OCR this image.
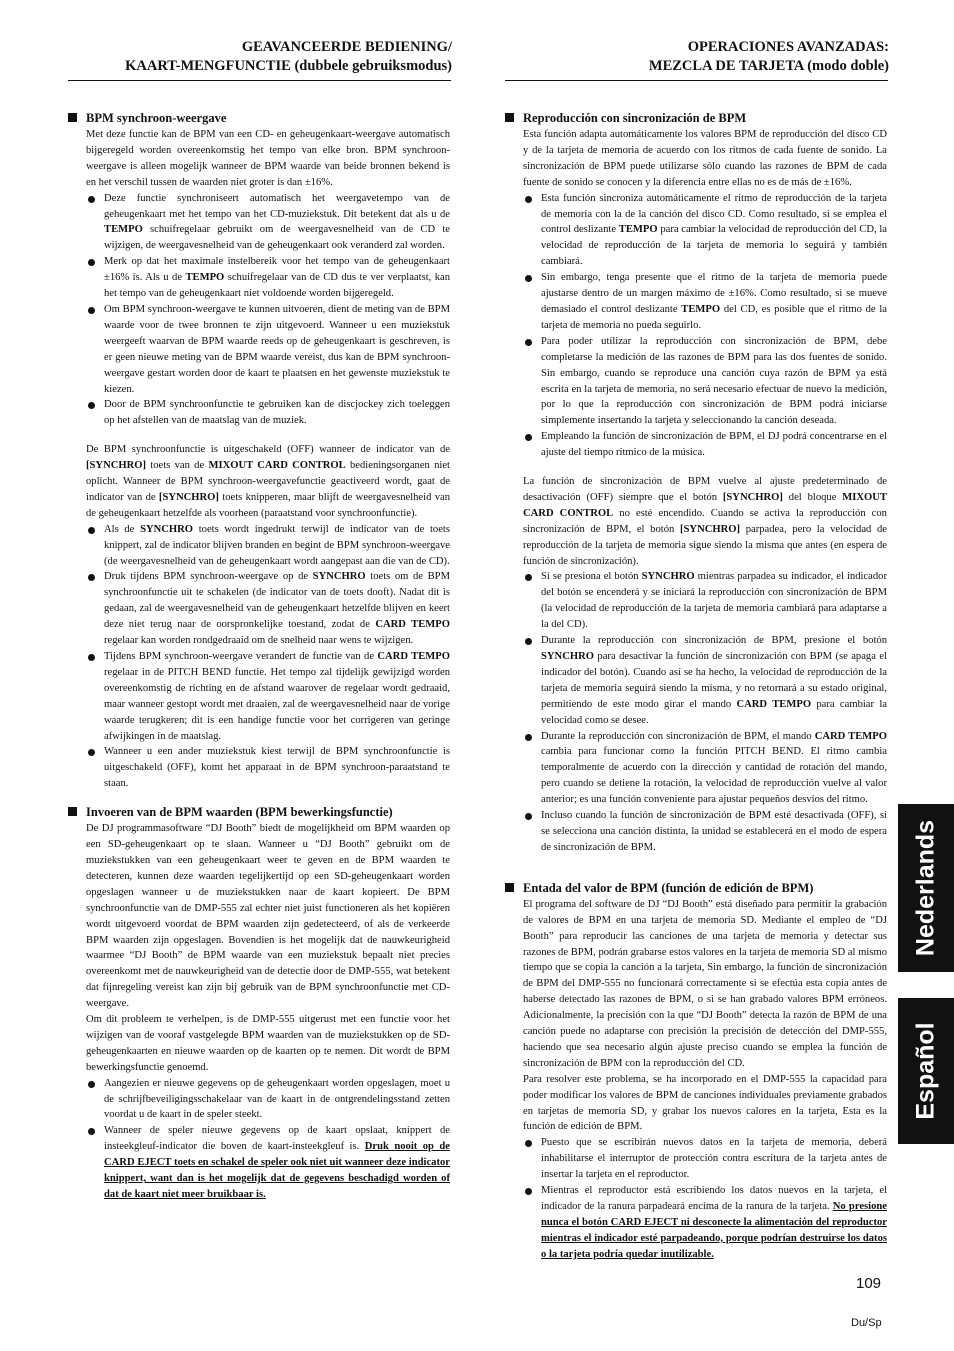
GEAVANCEERDE BEDIENING/
KAART-MENGFUNCTIE (dubbele gebruiksmodus)
OPERACIONES AVANZADAS:
MEZCLA DE TARJETA (modo doble)
BPM synchroon-weergave
Met deze functie kan de BPM van een CD- en geheugenkaart-weergave automatisch bijgeregeld worden overeenkomstig het tempo van elke bron. BPM synchroon-weergave is alleen mogelijk wanneer de BPM waarde van beide bronnen bekend is en het verschil tussen de waarden niet groter is dan ±16%.
Deze functie synchroniseert automatisch het weergavetempo van de geheugenkaart met het tempo van het CD-muziekstuk. Dit betekent dat als u de TEMPO schuifregelaar gebruikt om de weergavesnelheid van de CD te wijzigen, de weergavesnelheid van de geheugenkaart ook veranderd zal worden.
Merk op dat het maximale instelbereik voor het tempo van de geheugenkaart ±16% is. Als u de TEMPO schuifregelaar van de CD dus te ver verplaatst, kan het tempo van de geheugenkaart niet voldoende worden bijgeregeld.
Om BPM synchroon-weergave te kunnen uitvoeren, dient de meting van de BPM waarde voor de twee bronnen te zijn uitgevoerd. Wanneer u een muziekstuk weergeeft waarvan de BPM waarde reeds op de geheugenkaart is geschreven, is er geen nieuwe meting van de BPM waarde vereist, dus kan de BPM synchroon-weergave gestart worden door de kaart te plaatsen en het gewenste muziekstuk te kiezen.
Door de BPM synchroonfunctie te gebruiken kan de discjockey zich toeleggen op het afstellen van de maatslag van de muziek.
De BPM synchroonfunctie is uitgeschakeld (OFF) wanneer de indicator van de [SYNCHRO] toets van de MIXOUT CARD CONTROL bedieningsorganen niet oplicht. Wanneer de BPM synchroon-weergavefunctie geactiveerd wordt, gaat de indicator van de [SYNCHRO] toets knipperen, maar blijft de weergavesnelheid van de geheugenkaart hetzelfde als voorheen (paraatstand voor synchroonfunctie).
Als de SYNCHRO toets wordt ingedrukt terwijl de indicator van de toets knippert, zal de indicator blijven branden en begint de BPM synchroon-weergave (de weergavesnelheid van de geheugenkaart wordt aangepast aan die van de CD).
Druk tijdens BPM synchroon-weergave op de SYNCHRO toets om de BPM synchroonfunctie uit te schakelen (de indicator van de toets dooft). Nadat dit is gedaan, zal de weergavesnelheid van de geheugenkaart hetzelfde blijven en keert deze niet terug naar de oorspronkelijke toestand, zodat de CARD TEMPO regelaar kan worden rondgedraaid om de snelheid naar wens te wijzigen.
Tijdens BPM synchroon-weergave verandert de functie van de CARD TEMPO regelaar in de PITCH BEND functie. Het tempo zal tijdelijk gewijzigd worden overeenkomstig de richting en de afstand waarover de regelaar wordt gedraaid, maar wanneer gestopt wordt met draaien, zal de weergavesnelheid naar de vorige waarde terugkeren; dit is een handige functie voor het corrigeren van geringe afwijkingen in de maatslag.
Wanneer u een ander muziekstuk kiest terwijl de BPM synchroonfunctie is uitgeschakeld (OFF), komt het apparaat in de BPM synchroon-paraatstand te staan.
Invoeren van de BPM waarden (BPM bewerkingsfunctie)
De DJ programmasoftware “DJ Booth” biedt de mogelijkheid om BPM waarden op een SD-geheugenkaart op te slaan. Wanneer u “DJ Booth” gebruikt om de muziekstukken van een geheugenkaart weer te geven en de BPM waarden te detecteren, kunnen deze waarden tegelijkertijd op een SD-geheugenkaart worden opgeslagen wanneer u de muziekstukken naar de kaart kopieert. De BPM synchroonfunctie van de DMP-555 zal echter niet juist functioneren als het kopiëren wordt uitgevoerd voordat de BPM waarden zijn gedetecteerd, of als de verkeerde BPM waarden zijn opgeslagen. Bovendien is het mogelijk dat de nauwkeurigheid waarmee “DJ Booth” de BPM waarde van een muziekstuk bepaalt niet precies overeenkomt met de nauwkeurigheid van de detectie door de DMP-555, wat betekent dat fijnregeling vereist kan zijn bij gebruik van de BPM synchroonfunctie met CD-weergave.
Om dit probleem te verhelpen, is de DMP-555 uitgerust met een functie voor het wijzigen van de vooraf vastgelegde BPM waarden van de muziekstukken op de SD-geheugenkaarten en nieuwe waarden op de kaarten op te nemen. Dit wordt de BPM bewerkingsfunctie genoemd.
Aangezien er nieuwe gegevens op de geheugenkaart worden opgeslagen, moet u de schrijfbeveiligingsschakelaar van de kaart in de ontgrendelingsstand zetten voordat u de kaart in de speler steekt.
Wanneer de speler nieuwe gegevens op de kaart opslaat, knippert de insteekgleuf-indicator die boven de kaart-insteekgleuf is. Druk nooit op de CARD EJECT toets en schakel de speler ook niet uit wanneer deze indicator knippert, want dan is het mogelijk dat de gegevens beschadigd worden of dat de kaart niet meer bruikbaar is.
Reproducción con sincronización de BPM
Esta función adapta automáticamente los valores BPM de reproducción del disco CD y de la tarjeta de memoria de acuerdo con los ritmos de cada fuente de sonido. La sincronización de BPM puede utilizarse sólo cuando las razones de BPM de cada fuente de sonido se conocen y la diferencia entre ellas no es de más de ±16%.
Esta función sincroniza automáticamente el ritmo de reproducción de la tarjeta de memoria con la de la canción del disco CD. Como resultado, si se emplea el control deslizante TEMPO para cambiar la velocidad de reproducción del CD, la velocidad de reproducción de la tarjeta de memoria lo seguirá y también cambiará.
Sin embargo, tenga presente que el ritmo de la tarjeta de memoria puede ajustarse dentro de un margen máximo de ±16%. Como resultado, si se mueve demasiado el control deslizante TEMPO del CD, es posible que el ritmo de la tarjeta de memoria no pueda seguirlo.
Para poder utilizar la reproducción con sincronización de BPM, debe completarse la medición de las razones de BPM para las dos fuentes de sonido. Sin embargo, cuando se reproduce una canción cuya razón de BPM ya está escrita en la tarjeta de memoria, no será necesario efectuar de nuevo la medición, por lo que la reproducción con sincronización de BPM podrá iniciarse simplemente insertando la tarjeta y seleccionando la canción deseada.
Empleando la función de sincronización de BPM, el DJ podrá concentrarse en el ajuste del tiempo rítmico de la música.
La función de sincronización de BPM vuelve al ajuste predeterminado de desactivación (OFF) siempre que el botón [SYNCHRO] del bloque MIXOUT CARD CONTROL no esté encendido. Cuando se activa la reproducción con sincronización de BPM, el botón [SYNCHRO] parpadea, pero la velocidad de reproducción de la tarjeta de memoria sigue siendo la misma que antes (en espera de función de sincronización).
Si se presiona el botón SYNCHRO mientras parpadea su indicador, el indicador del botón se encenderá y se iniciará la reproducción con sincronización de BPM (la velocidad de reproducción de la tarjeta de memoria cambiará para adaptarse a la del CD).
Durante la reproducción con sincronización de BPM, presione el botón SYNCHRO para desactivar la función de sincronización con BPM (se apaga el indicador del botón). Cuando así se ha hecho, la velocidad de reproducción de la tarjeta de memoria seguirá siendo la misma, y no retornará a su estado original, permitiendo de este modo girar el mando CARD TEMPO para cambiar la velocidad como se desee.
Durante la reproducción con sincronización de BPM, el mando CARD TEMPO cambia para funcionar como la función PITCH BEND. El ritmo cambia temporalmente de acuerdo con la dirección y cantidad de rotación del mando, pero cuando se detiene la rotación, la velocidad de reproducción vuelve al valor anterior; es una función conveniente para ajustar pequeños desvíos del ritmo.
Incluso cuando la función de sincronización de BPM esté desactivada (OFF), si se selecciona una canción distinta, la unidad se establecerá en el modo de espera de sincronización de BPM.
Entada del valor de BPM (función de edición de BPM)
El programa del software de DJ “DJ Booth” está diseñado para permitir la grabación de valores de BPM en una tarjeta de memoria SD. Mediante el empleo de “DJ Booth” para reproducir las canciones de una tarjeta de memoria y detectar sus razones de BPM, podrán grabarse estos valores en la tarjeta de memoria SD al mismo tiempo que se copia la canción a la tarjeta, Sin embargo, la función de sincronización de BPM del DMP-555 no funcionará correctamente si se efectúa esta copia antes de haberse detectado las razones de BPM, o si se han grabado valores BPM erróneos. Adicionalmente, la precisión con la que “DJ Booth” detecta la razón de BPM de una canción puede no adaptarse con precisión la precisión de detección del DMP-555, haciendo que sea necesario algún ajuste preciso cuando se emplea la función de sincronización de BPM con la reproducción del CD.
Para resolver este problema, se ha incorporado en el DMP-555 la capacidad para poder modificar los valores de BPM de canciones individuales previamente grabados en tarjetas de memoria SD, y grabar los nuevos calores en la tarjeta, Esta es la función de edición de BPM.
Puesto que se escribirán nuevos datos en la tarjeta de memoria, deberá inhabilitarse el interruptor de protección contra escritura de la tarjeta antes de insertar la tarjeta en el reproductor.
Mientras el reproductor está escribiendo los datos nuevos en la tarjeta, el indicador de la ranura parpadeará encima de la ranura de la tarjeta. No presione nunca el botón CARD EJECT ni desconecte la alimentación del reproductor mientras el indicador esté parpadeando, porque podrían destruirse los datos o la tarjeta podría quedar inutilizable.
Nederlands
Español
109
Du/Sp
